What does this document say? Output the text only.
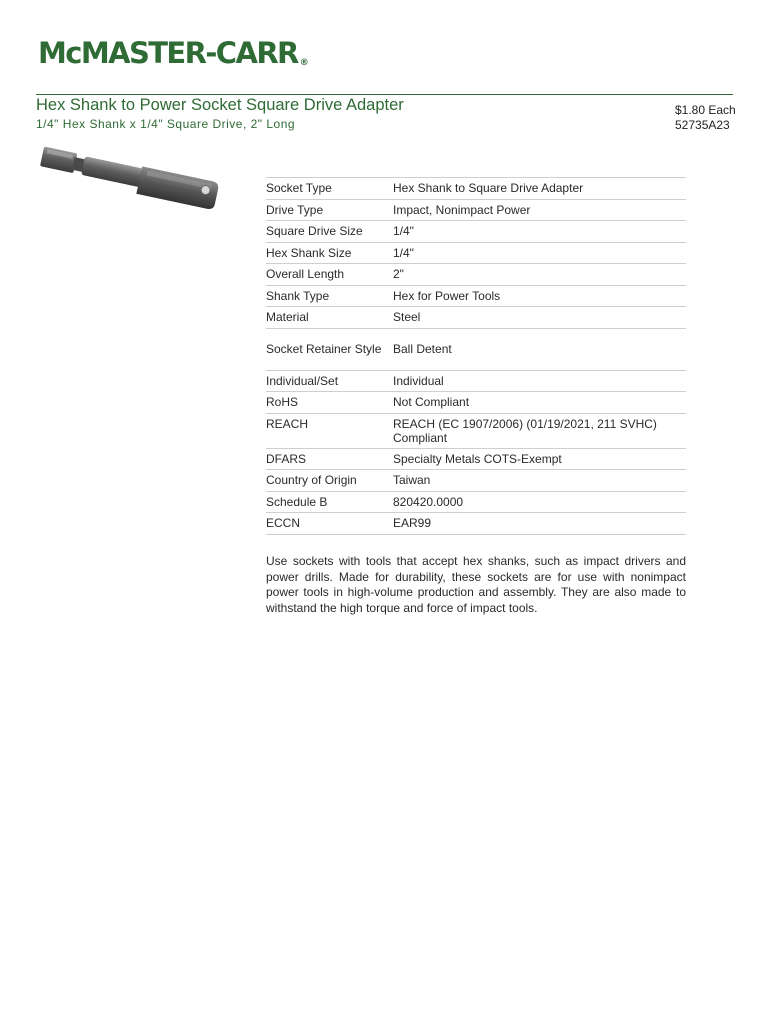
McMASTER-CARR ®
Hex Shank to Power Socket Square Drive Adapter
1/4" Hex Shank x 1/4" Square Drive, 2" Long
$1.80 Each
52735A23
Socket Type	Hex Shank to Square Drive Adapter
Drive Type	Impact, Nonimpact Power
Square Drive Size	1/4"
Hex Shank Size	1/4"
Overall Length	2"
Shank Type	Hex for Power Tools
Material	Steel
Socket Retainer Style	Ball Detent
Individual/Set	Individual
RoHS	Not Compliant
REACH	REACH (EC 1907/2006) (01/19/2021, 211 SVHC) Compliant
DFARS	Specialty Metals COTS-Exempt
Country of Origin	Taiwan
Schedule B	820420.0000
ECCN	EAR99

Use sockets with tools that accept hex shanks, such as impact drivers and power drills. Made for durability, these sockets are for use with nonimpact power tools in high-volume production and assembly. They are also made to withstand the high torque and force of impact tools.
